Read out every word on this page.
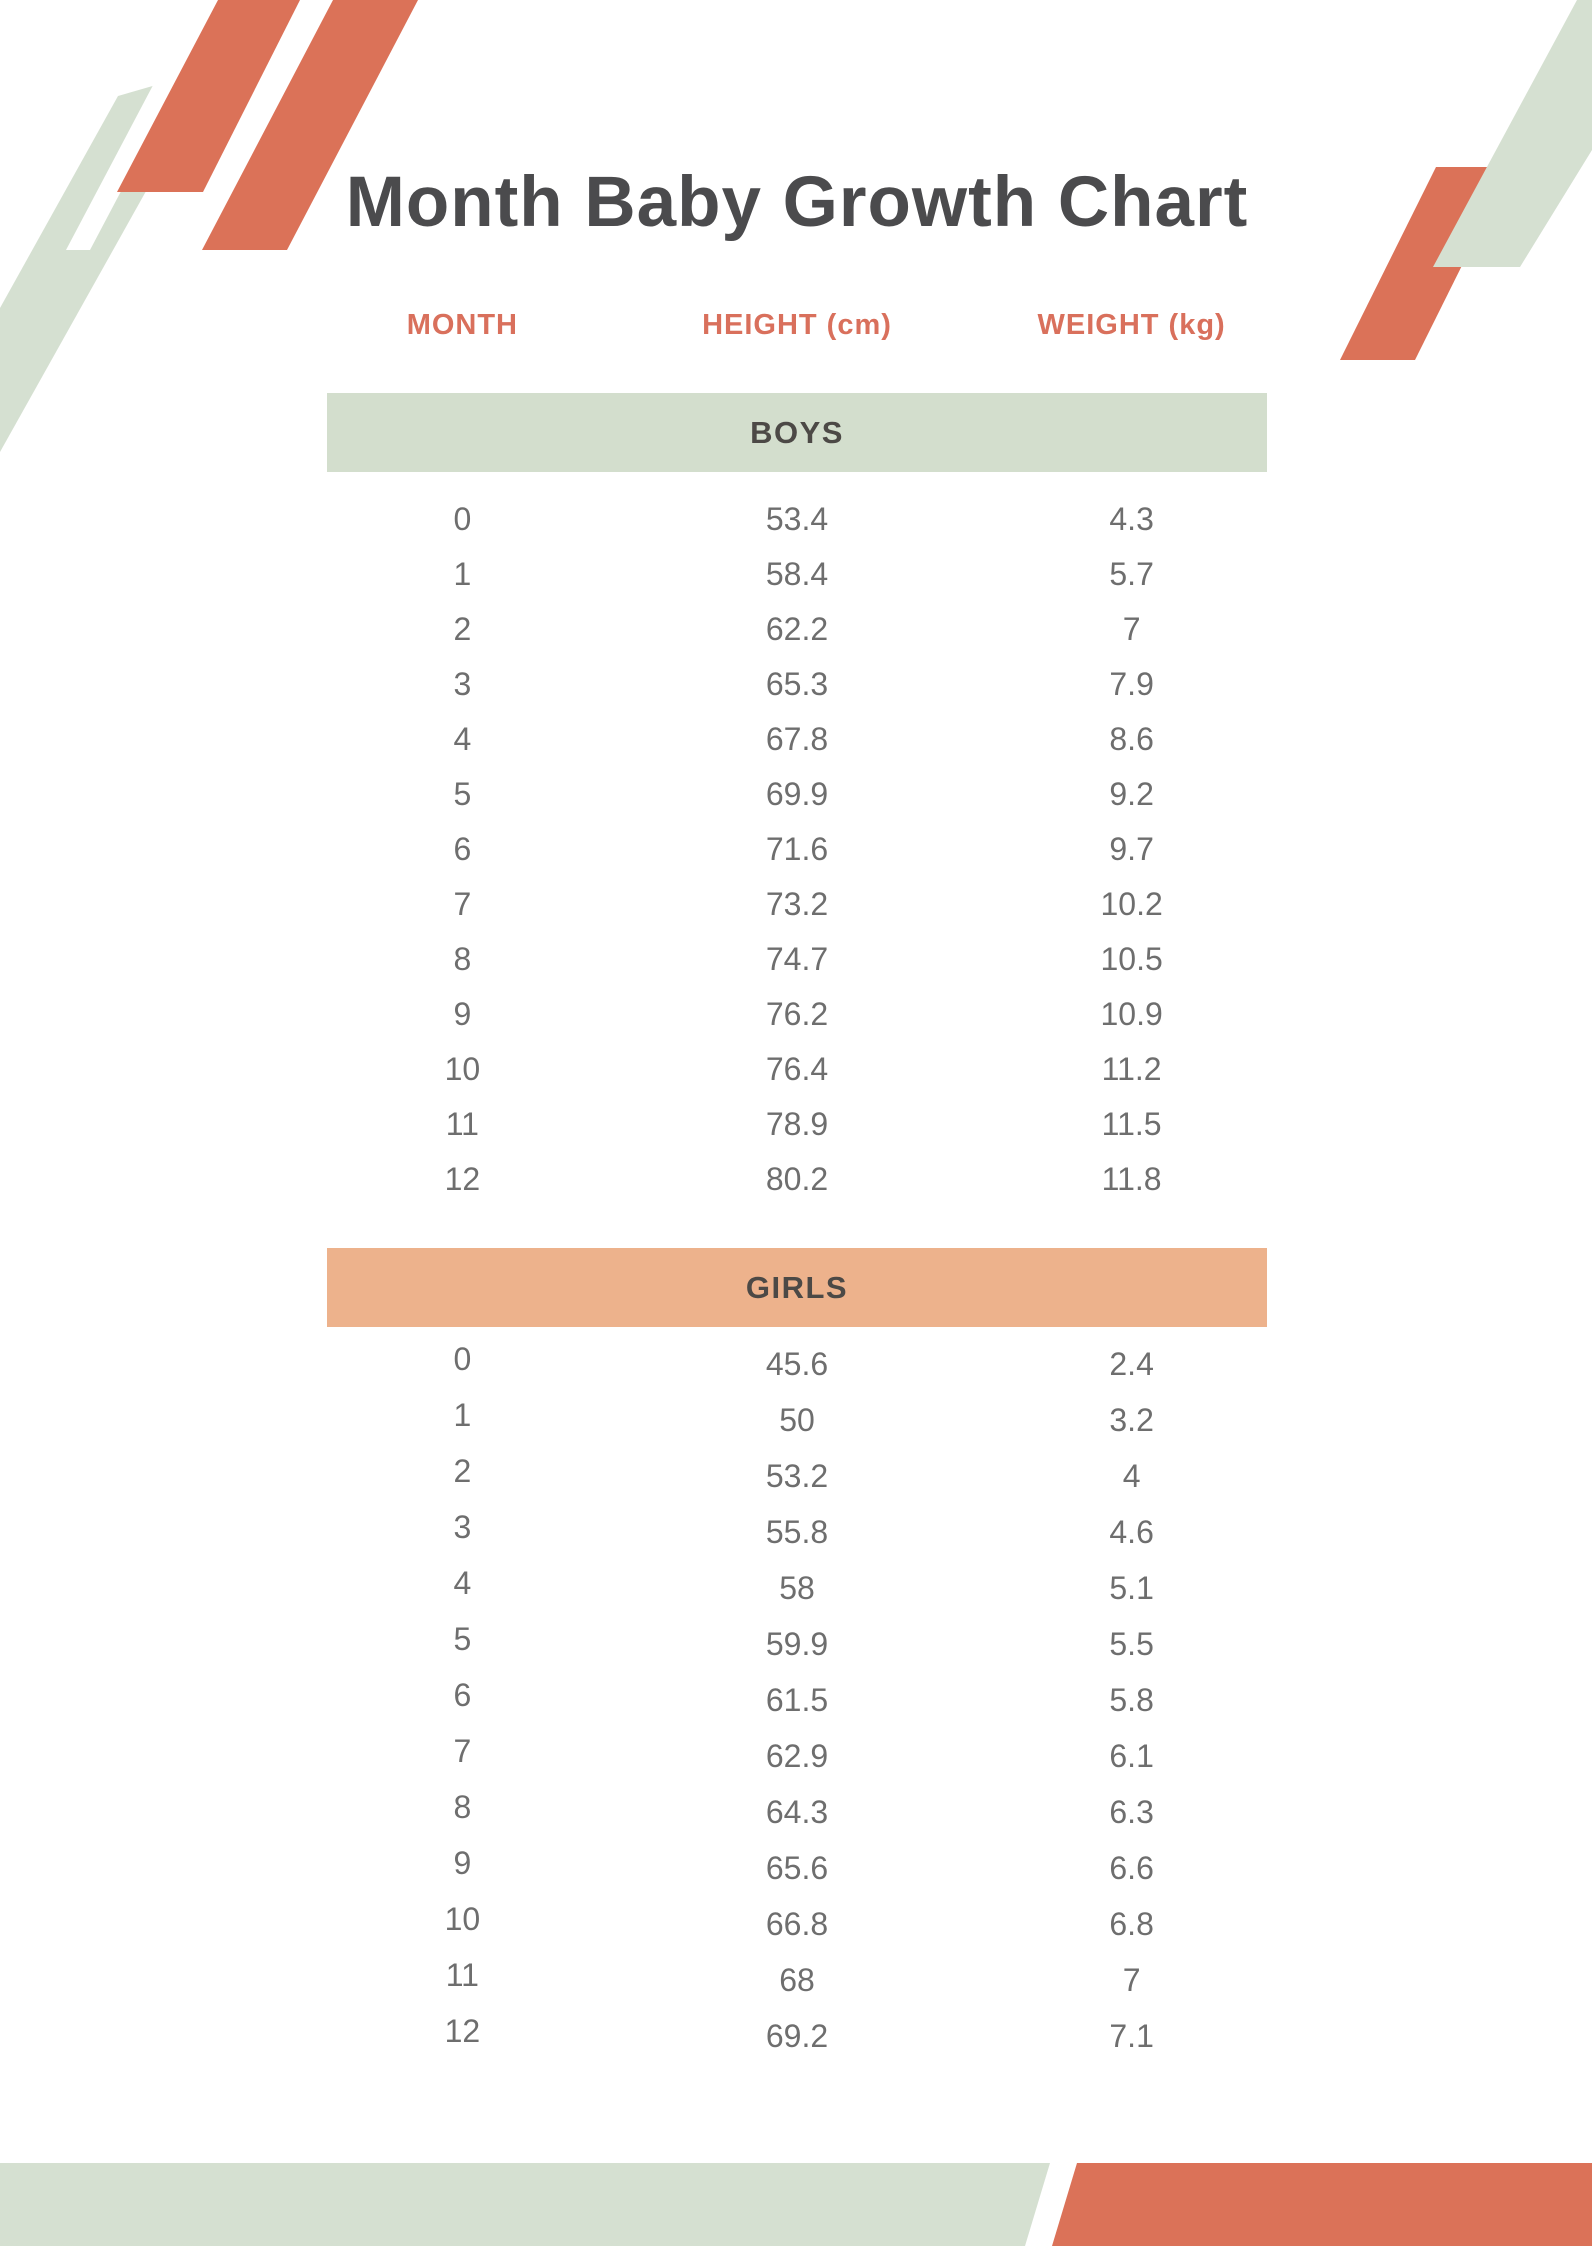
Month Baby Growth Chart
MONTH	HEIGHT (cm)	WEIGHT (kg)
BOYS
0	53.4	4.3
1	58.4	5.7
2	62.2	7
3	65.3	7.9
4	67.8	8.6
5	69.9	9.2
6	71.6	9.7
7	73.2	10.2
8	74.7	10.5
9	76.2	10.9
10	76.4	11.2
11	78.9	11.5
12	80.2	11.8
GIRLS
0	45.6	2.4
1	50	3.2
2	53.2	4
3	55.8	4.6
4	58	5.1
5	59.9	5.5
6	61.5	5.8
7	62.9	6.1
8	64.3	6.3
9	65.6	6.6
10	66.8	6.8
11	68	7
12	69.2	7.1
